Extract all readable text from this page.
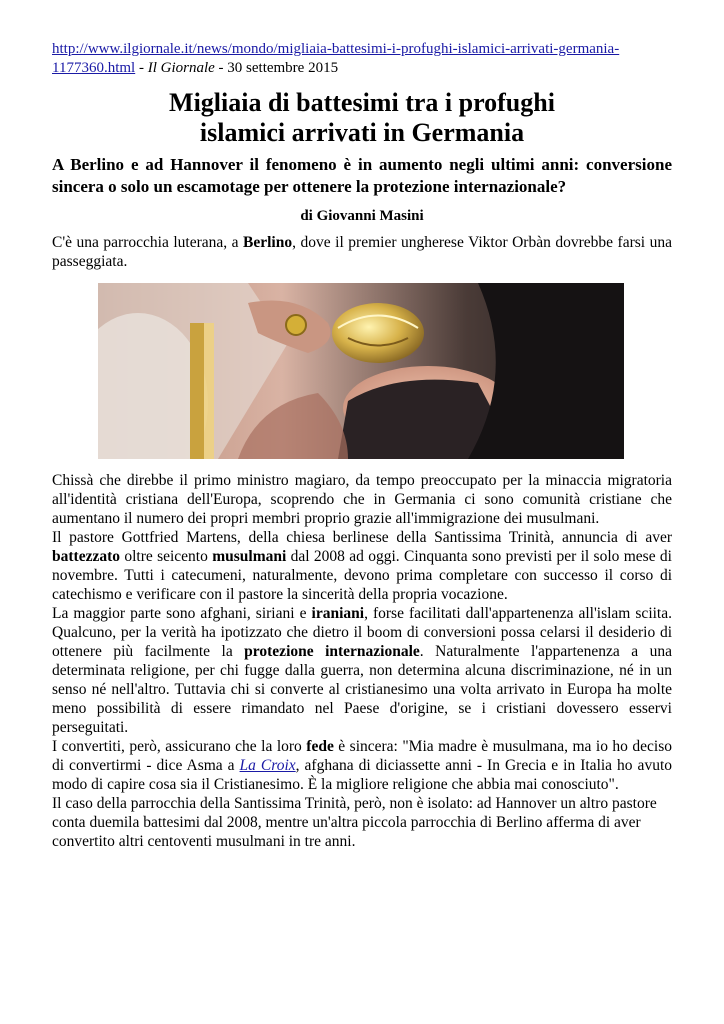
http://www.ilgiornale.it/news/mondo/migliaia-battesimi-i-profughi-islamici-arrivati-germania-1177360.html - Il Giornale - 30 settembre 2015
Migliaia di battesimi tra i profughi
islamici arrivati in Germania

A Berlino e ad Hannover il fenomeno è in aumento negli ultimi anni: conversione sincera o solo un escamotage per ottenere la protezione internazionale?

di Giovanni Masini

C'è una parrocchia luterana, a Berlino, dove il premier ungherese Viktor Orbàn dovrebbe farsi una passeggiata.

Chissà che direbbe il primo ministro magiaro, da tempo preoccupato per la minaccia migratoria all'identità cristiana dell'Europa, scoprendo che in Germania ci sono comunità cristiane che aumentano il numero dei propri membri proprio grazie all'immigrazione dei musulmani.

Il pastore Gottfried Martens, della chiesa berlinese della Santissima Trinità, annuncia di aver battezzato oltre seicento musulmani dal 2008 ad oggi. Cinquanta sono previsti per il solo mese di novembre. Tutti i catecumeni, naturalmente, devono prima completare con successo il corso di catechismo e verificare con il pastore la sincerità della propria vocazione.

La maggior parte sono afghani, siriani e iraniani, forse facilitati dall'appartenenza all'islam sciita. Qualcuno, per la verità ha ipotizzato che dietro il boom di conversioni possa celarsi il desiderio di ottenere più facilmente la protezione internazionale. Naturalmente l'appartenenza a una determinata religione, per chi fugge dalla guerra, non determina alcuna discriminazione, né in un senso né nell'altro. Tuttavia chi si converte al cristianesimo una volta arrivato in Europa ha molte meno possibilità di essere rimandato nel Paese d'origine, se i cristiani dovessero esservi perseguitati.

I convertiti, però, assicurano che la loro fede è sincera: "Mia madre è musulmana, ma io ho deciso di convertirmi - dice Asma a La Croix, afghana di diciassette anni - In Grecia e in Italia ho avuto modo di capire cosa sia il Cristianesimo. È la migliore religione che abbia mai conosciuto".

Il caso della parrocchia della Santissima Trinità, però, non è isolato: ad Hannover un altro pastore conta duemila battesimi dal 2008, mentre un'altra piccola parrocchia di Berlino afferma di aver convertito altri centoventi musulmani in tre anni.
